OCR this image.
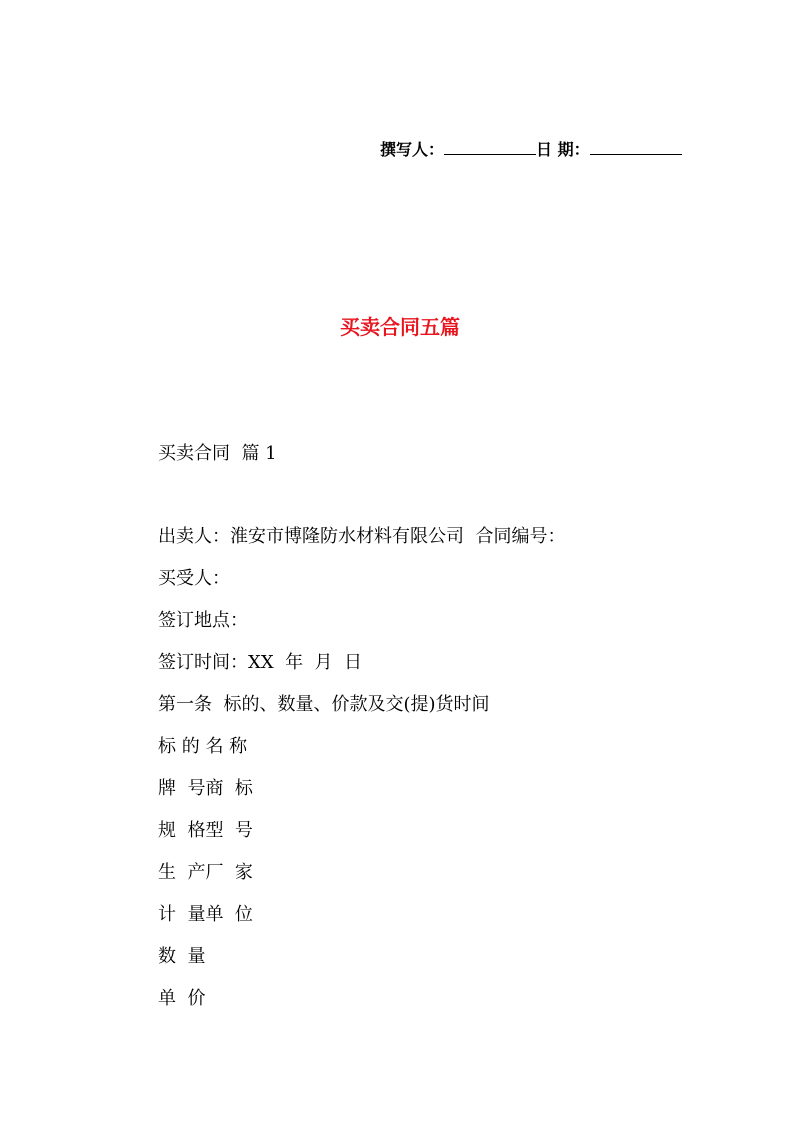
撰写人：	日 期：
买卖合同五篇
买卖合同  篇 1
出卖人：淮安市博隆防水材料有限公司  合同编号：
买受人：
签订地点：
签订时间：XX  年  月  日
第一条  标的、数量、价款及交(提)货时间
标 的 名 称
牌  号商  标
规  格型  号
生  产厂  家
计  量单  位
数  量
单  价
